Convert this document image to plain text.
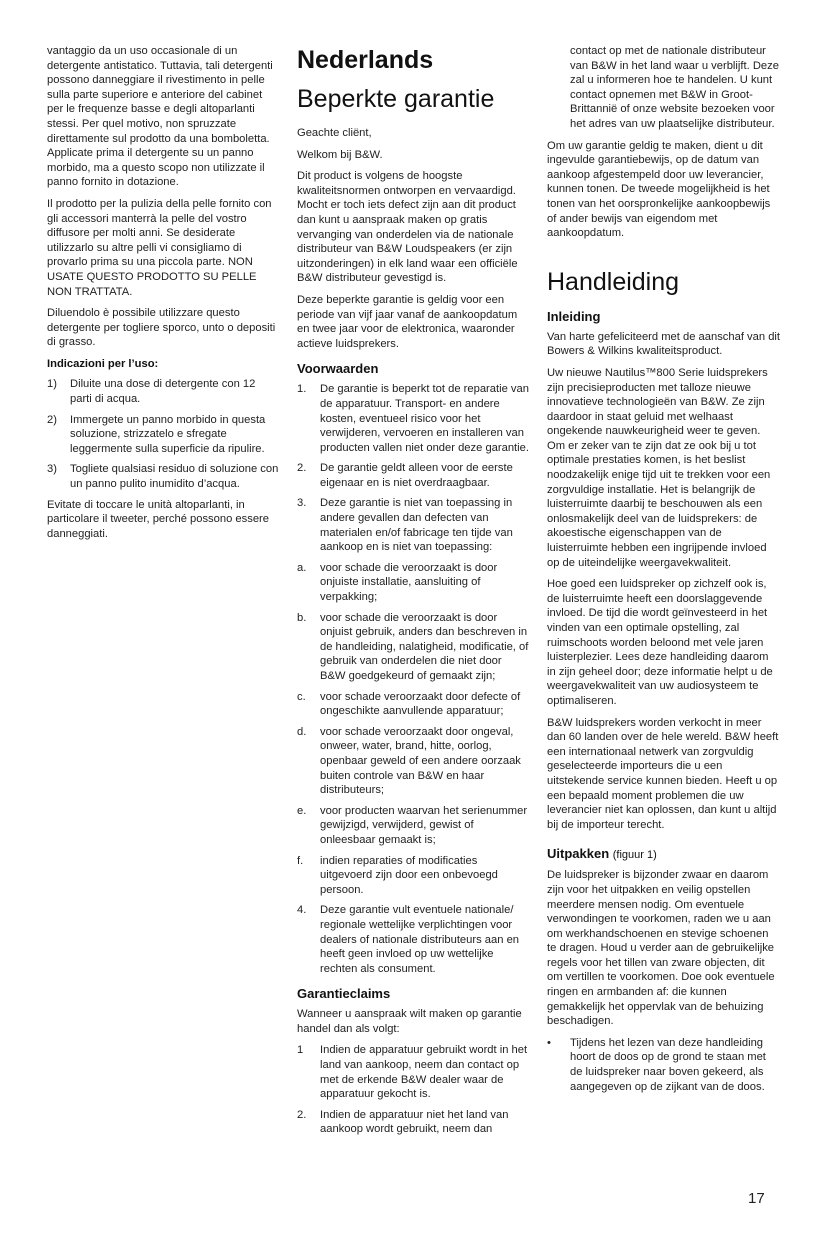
vantaggio da un uso occasionale di un detergente antistatico. Tuttavia, tali detergenti possono danneggiare il rivestimento in pelle sulla parte superiore e anteriore del cabinet per le frequenze basse e degli altoparlanti stessi. Per quel motivo, non spruzzate direttamente sul prodotto da una bomboletta. Applicate prima il detergente su un panno morbido, ma a questo scopo non utilizzate il panno fornito in dotazione.

Il prodotto per la pulizia della pelle fornito con gli accessori manterrà la pelle del vostro diffusore per molti anni. Se desiderate utilizzarlo su altre pelli vi consigliamo di provarlo prima su una piccola parte. NON USATE QUESTO PRODOTTO SU PELLE NON TRATTATA.

Diluendolo è possibile utilizzare questo detergente per togliere sporco, unto o depositi di grasso.

Indicazioni per l’uso:
1)	Diluite una dose di detergente con 12 parti di acqua.
2)	Immergete un panno morbido in questa soluzione, strizzatelo e sfregate leggermente sulla superficie da ripulire.
3)	Togliete qualsiasi residuo di soluzione con un panno pulito inumidito d’acqua.

Evitate di toccare le unità altoparlanti, in particolare il tweeter, perché possono essere danneggiati.

Nederlands
Beperkte garantie

Geachte cliënt,

Welkom bij B&W.

Dit product is volgens de hoogste kwaliteitsnormen ontworpen en vervaardigd. Mocht er toch iets defect zijn aan dit product dan kunt u aanspraak maken op gratis vervanging van onderdelen via de nationale distributeur van B&W Loudspeakers (er zijn uitzonderingen) in elk land waar een officiële B&W distributeur gevestigd is.

Deze beperkte garantie is geldig voor een periode van vijf jaar vanaf de aankoopdatum en twee jaar voor de elektronica, waaronder actieve luidsprekers.

Voorwaarden
1.	De garantie is beperkt tot de reparatie van de apparatuur. Transport- en andere kosten, eventueel risico voor het verwijderen, vervoeren en installeren van producten vallen niet onder deze garantie.
2.	De garantie geldt alleen voor de eerste eigenaar en is niet overdraagbaar.
3.	Deze garantie is niet van toepassing in andere gevallen dan defecten van materialen en/of fabricage ten tijde van aankoop en is niet van toepassing:
a.	voor schade die veroorzaakt is door onjuiste installatie, aansluiting of verpakking;
b.	voor schade die veroorzaakt is door onjuist gebruik, anders dan beschreven in de handleiding, nalatigheid, modificatie, of gebruik van onderdelen die niet door B&W goedgekeurd of gemaakt zijn;
c.	voor schade veroorzaakt door defecte of ongeschikte aanvullende apparatuur;
d.	voor schade veroorzaakt door ongeval, onweer, water, brand, hitte, oorlog, openbaar geweld of een andere oorzaak buiten controle van B&W en haar distributeurs;
e.	voor producten waarvan het serienummer gewijzigd, verwijderd, gewist of onleesbaar gemaakt is;
f.	indien reparaties of modificaties uitgevoerd zijn door een onbevoegd persoon.
4.	Deze garantie vult eventuele nationale/ regionale wettelijke verplichtingen voor dealers of nationale distributeurs aan en heeft geen invloed op uw wettelijke rechten als consument.
Garantieclaims

Wanneer u aanspraak wilt maken op garantie handel dan als volgt:

1	Indien de apparatuur gebruikt wordt in het land van aankoop, neem dan contact op met de erkende B&W dealer waar de apparatuur gekocht is.
2.	Indien de apparatuur niet het land van aankoop wordt gebruikt, neem dan

contact op met de nationale distributeur van B&W in het land waar u verblijft. Deze zal u informeren hoe te handelen. U kunt contact opnemen met B&W in Groot-Brittannië of onze website bezoeken voor het adres van uw plaatselijke distributeur.

Om uw garantie geldig te maken, dient u dit ingevulde garantiebewijs, op de datum van aankoop afgestempeld door uw leverancier, kunnen tonen. De tweede mogelijkheid is het tonen van het oorspronkelijke aankoopbewijs of ander bewijs van eigendom met aankoopdatum.

Handleiding
Inleiding

Van harte gefeliciteerd met de aanschaf van dit Bowers & Wilkins kwaliteitsproduct.

Uw nieuwe Nautilus™800 Serie luidsprekers zijn precisieproducten met talloze nieuwe innovatieve technologieën van B&W. Ze zijn daardoor in staat geluid met welhaast ongekende nauwkeurigheid weer te geven. Om er zeker van te zijn dat ze ook bij u tot optimale prestaties komen, is het beslist noodzakelijk enige tijd uit te trekken voor een zorgvuldige installatie. Het is belangrijk de luisterruimte daarbij te beschouwen als een onlosmakelijk deel van de luidsprekers: de akoestische eigenschappen van de luisterruimte hebben een ingrijpende invloed op de uiteindelijke weergavekwaliteit.

Hoe goed een luidspreker op zichzelf ook is, de luisterruimte heeft een doorslaggevende invloed. De tijd die wordt geïnvesteerd in het vinden van een optimale opstelling, zal ruimschoots worden beloond met vele jaren luisterplezier. Lees deze handleiding daarom in zijn geheel door; deze informatie helpt u de weergavekwaliteit van uw audiosysteem te optimaliseren.

B&W luidsprekers worden verkocht in meer dan 60 landen over de hele wereld. B&W heeft een internationaal netwerk van zorgvuldig geselecteerde importeurs die u een uitstekende service kunnen bieden. Heeft u op een bepaald moment problemen die uw leverancier niet kan oplossen, dan kunt u altijd bij de importeur terecht.

Uitpakken (figuur 1)

De luidspreker is bijzonder zwaar en daarom zijn voor het uitpakken en veilig opstellen meerdere mensen nodig. Om eventuele verwondingen te voorkomen, raden we u aan om werkhandschoenen en stevige schoenen te dragen. Houd u verder aan de gebruikelijke regels voor het tillen van zware objecten, dit om vertillen te voorkomen. Doe ook eventuele ringen en armbanden af: die kunnen gemakkelijk het oppervlak van de behuizing beschadigen.

•	Tijdens het lezen van deze handleiding hoort de doos op de grond te staan met de luidspreker naar boven gekeerd, als aangegeven op de zijkant van de doos.
17
